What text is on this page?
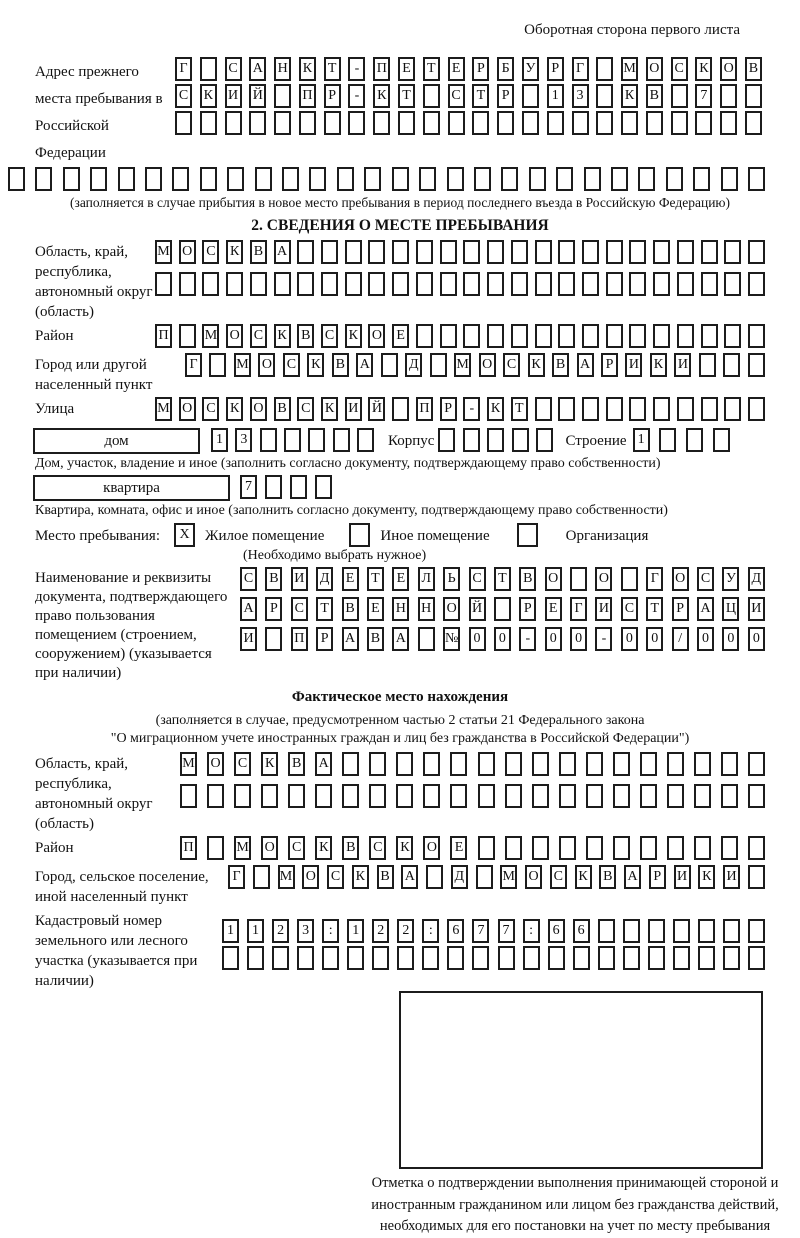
Оборотная сторона первого листа
Адрес прежнего места пребывания в Российской Федерации
Г	С А Н К	Т	-	П	Е	Т	Е	Р	Б	У	Р	Г	М О С К О В
С К И Й	П	Р	-	К	Т	С	Т	Р	1	3	К В	7
(заполняется в случае прибытия в новое место пребывания в период последнего въезда в Российскую Федерацию)
2. СВЕДЕНИЯ О МЕСТЕ ПРЕБЫВАНИЯ
Область, край, республика, автономный округ (область)
М О С К В А
Район	П	М О С К В С К О	Е
Город или другой населенный пункт
Г	М О С К В А	Д	М О С К В А	Р	И К И
Улица	М О С К О В С К И Й	П	Р	-	К	Т
дом	1	3	Корпус	Строение 1
Дом, участок, владение и иное (заполнить согласно документу, подтверждающему право собственности)
квартира	7
Квартира, комната, офис и иное (заполнить согласно документу, подтверждающему право собственности)
Место пребывания:	X	Жилое помещение	Иное помещение	Организация
(Необходимо выбрать нужное)
Наименование и реквизиты документа, подтверждающего право пользования помещением (строением, сооружением) (указывается при наличии)
С В И Д	Е	Т	Е	Л	Ь	С	Т	В О	О	Г	О С У Д
А	Р	С	Т	В	Е	Н Н О Й	Р	Е	Г	И С	Т	Р	А Ц И
И	П	Р	А В А	№	0	0	-	0	0	-	0	0	/	0	0	0
Фактическое место нахождения
(заполняется в случае, предусмотренном частью 2 статьи 21 Федерального закона
"О миграционном учете иностранных граждан и лиц без гражданства в Российской Федерации")
Область, край, республика, автономный округ (область)
М О С К В А
Район	П	М О С К В С К О	Е
Город, сельское поселение, иной населенный пункт
Г	М О С К В А	Д	М О С К В А	Р	И К И
Кадастровый номер земельного или лесного участка (указывается при наличии)
1	1	2	3	:	1	2	2	:	6	7	7	:	6	6
Отметка о подтверждении выполнения принимающей стороной и иностранным гражданином или лицом без гражданства действий, необходимых для его постановки на учет по месту пребывания
